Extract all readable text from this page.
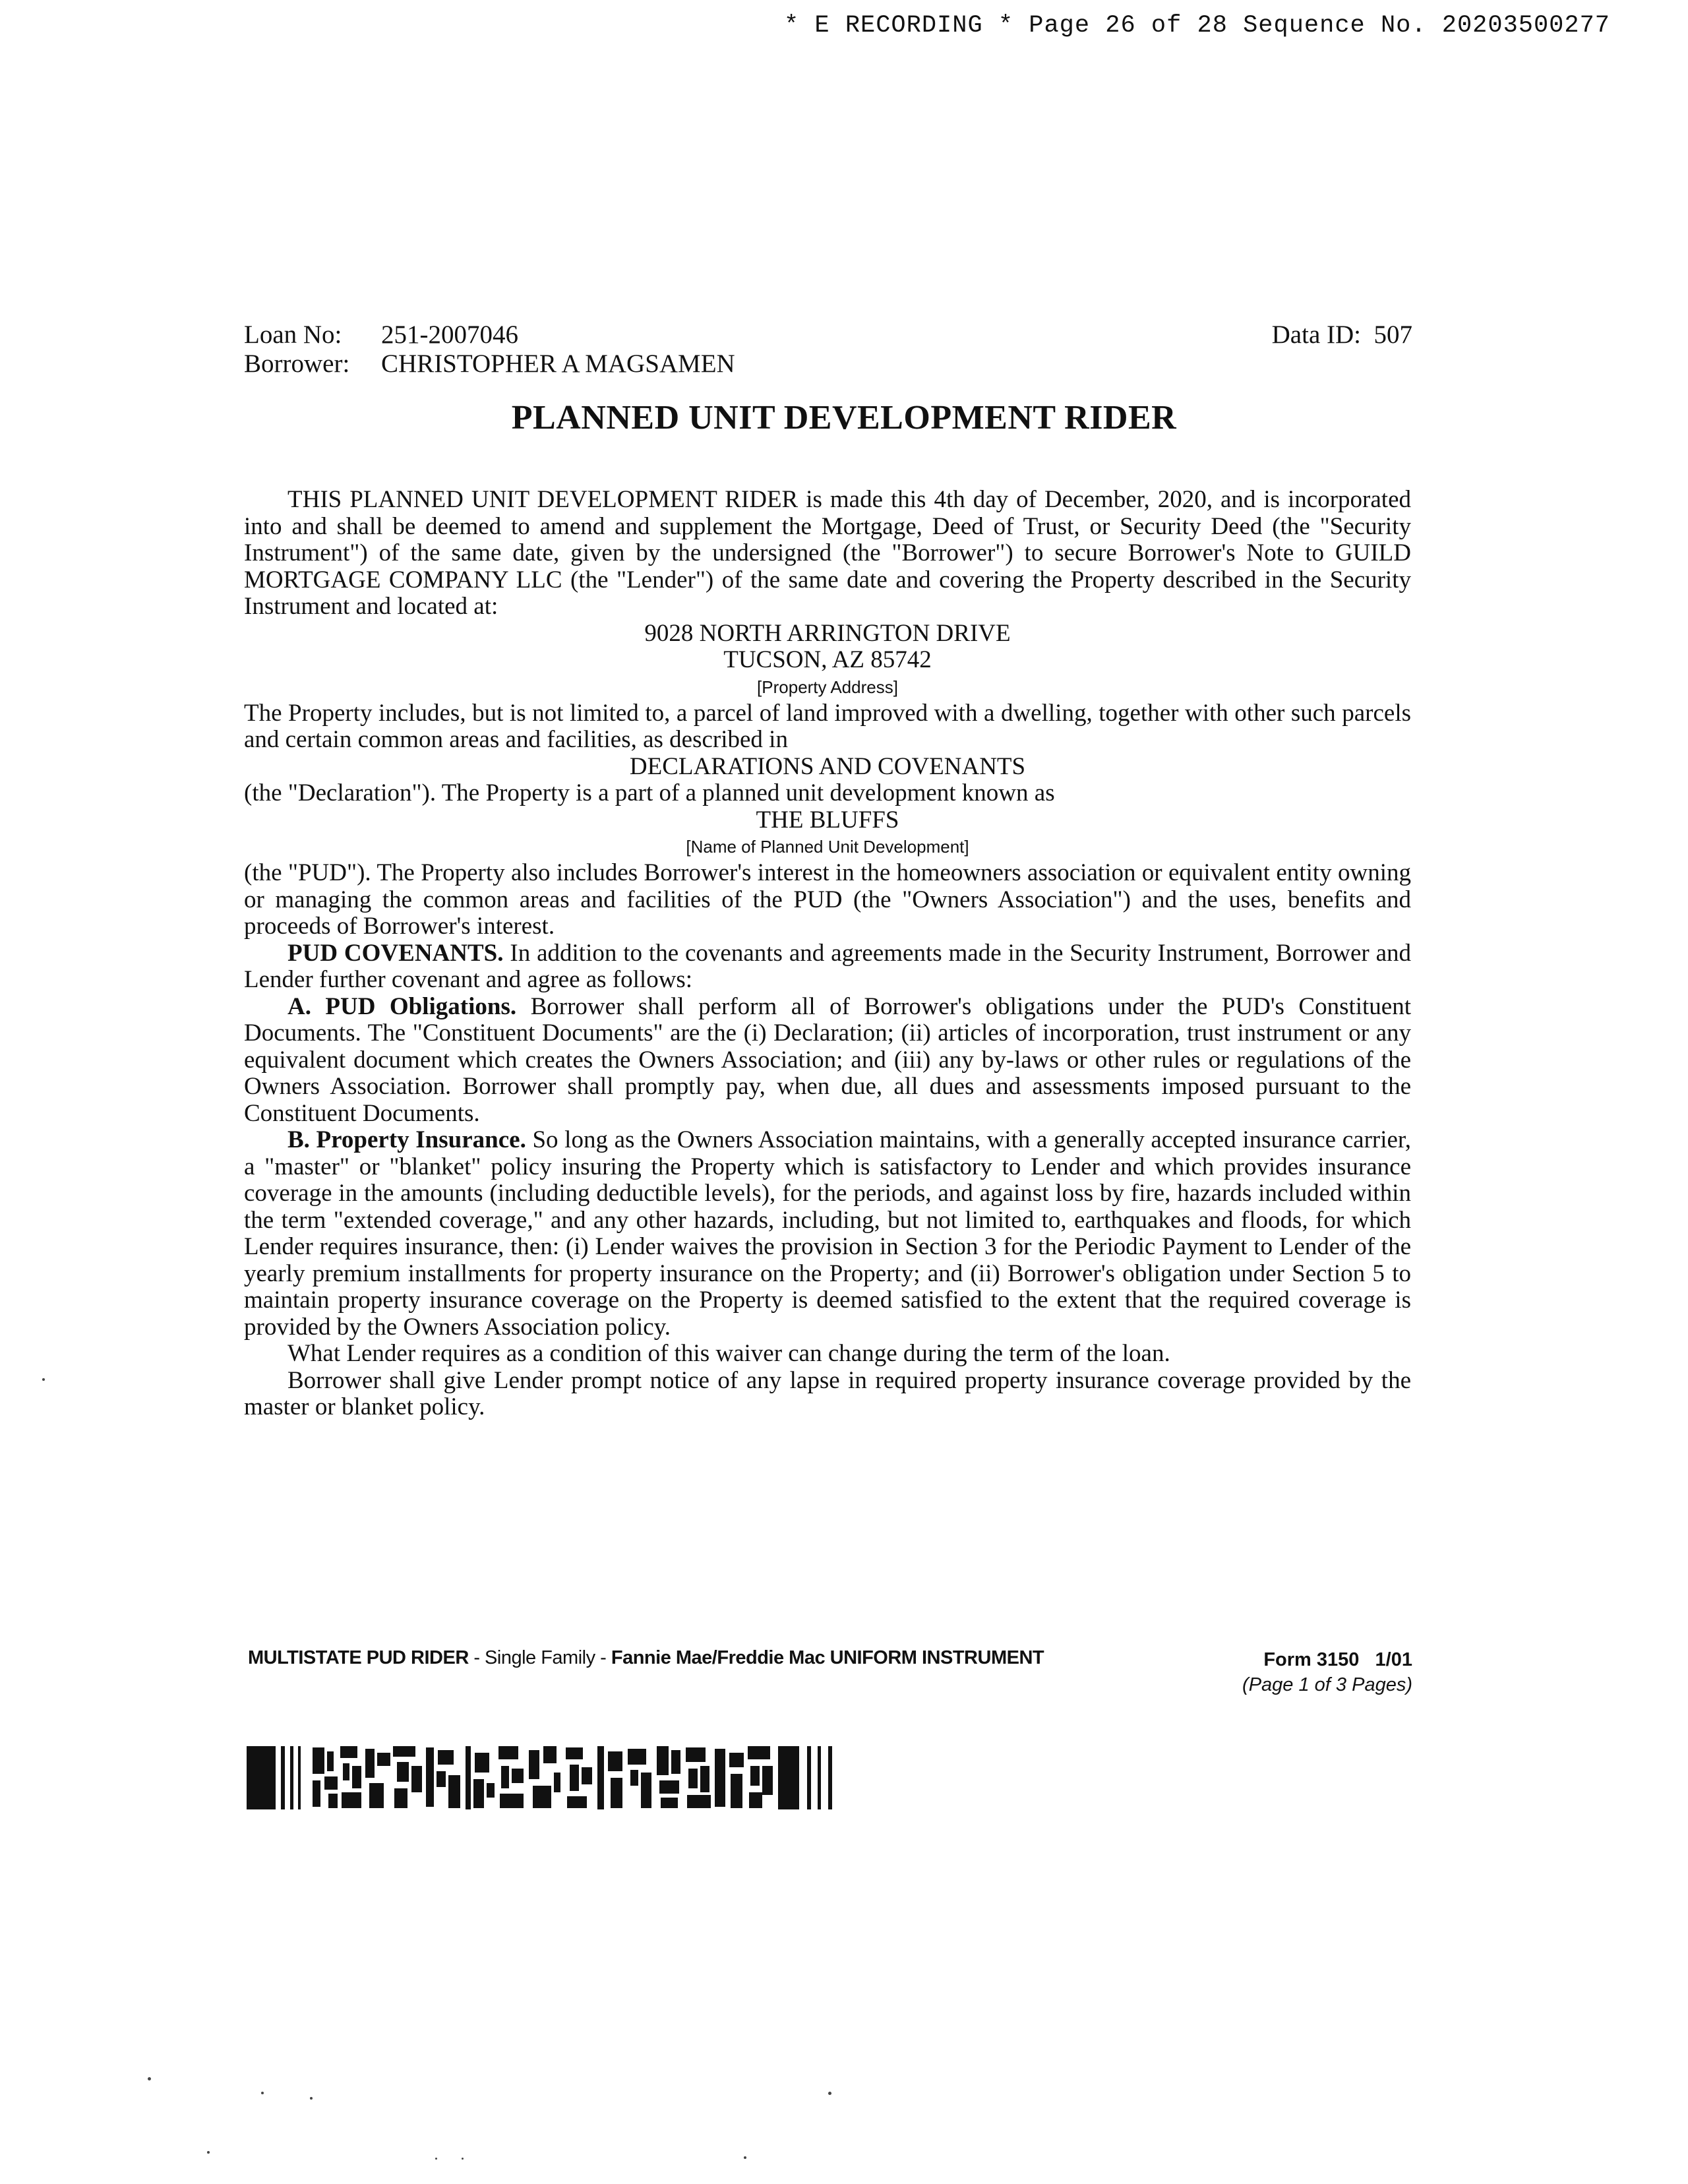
* E RECORDING * Page 26 of 28 Sequence No. 20203500277
Loan No: 251-2007046
Borrower: CHRISTOPHER A MAGSAMEN
Data ID: 507
PLANNED UNIT DEVELOPMENT RIDER

THIS PLANNED UNIT DEVELOPMENT RIDER is made this 4th day of December, 2020, and is incorporated into and shall be deemed to amend and supplement the Mortgage, Deed of Trust, or Security Deed (the "Security Instrument") of the same date, given by the undersigned (the "Borrower") to secure Borrower's Note to GUILD MORTGAGE COMPANY LLC (the "Lender") of the same date and covering the Property described in the Security Instrument and located at:

9028 NORTH ARRINGTON DRIVE

TUCSON, AZ 85742

[Property Address]

The Property includes, but is not limited to, a parcel of land improved with a dwelling, together with other such parcels and certain common areas and facilities, as described in

DECLARATIONS AND COVENANTS

(the "Declaration"). The Property is a part of a planned unit development known as

THE BLUFFS

[Name of Planned Unit Development]

(the "PUD"). The Property also includes Borrower's interest in the homeowners association or equivalent entity owning or managing the common areas and facilities of the PUD (the "Owners Association") and the uses, benefits and proceeds of Borrower's interest.

PUD COVENANTS. In addition to the covenants and agreements made in the Security Instrument, Borrower and Lender further covenant and agree as follows:

A. PUD Obligations. Borrower shall perform all of Borrower's obligations under the PUD's Constituent Documents. The "Constituent Documents" are the (i) Declaration; (ii) articles of incorporation, trust instrument or any equivalent document which creates the Owners Association; and (iii) any by-laws or other rules or regulations of the Owners Association. Borrower shall promptly pay, when due, all dues and assessments imposed pursuant to the Constituent Documents.

B. Property Insurance. So long as the Owners Association maintains, with a generally accepted insurance carrier, a "master" or "blanket" policy insuring the Property which is satisfactory to Lender and which provides insurance coverage in the amounts (including deductible levels), for the periods, and against loss by fire, hazards included within the term "extended coverage," and any other hazards, including, but not limited to, earthquakes and floods, for which Lender requires insurance, then: (i) Lender waives the provision in Section 3 for the Periodic Payment to Lender of the yearly premium installments for property insurance on the Property; and (ii) Borrower's obligation under Section 5 to maintain property insurance coverage on the Property is deemed satisfied to the extent that the required coverage is provided by the Owners Association policy.

What Lender requires as a condition of this waiver can change during the term of the loan.

Borrower shall give Lender prompt notice of any lapse in required property insurance coverage provided by the master or blanket policy.

MULTISTATE PUD RIDER - Single Family - Fannie Mae/Freddie Mac UNIFORM INSTRUMENT	Form 3150   1/01
(Page 1 of 3 Pages)
